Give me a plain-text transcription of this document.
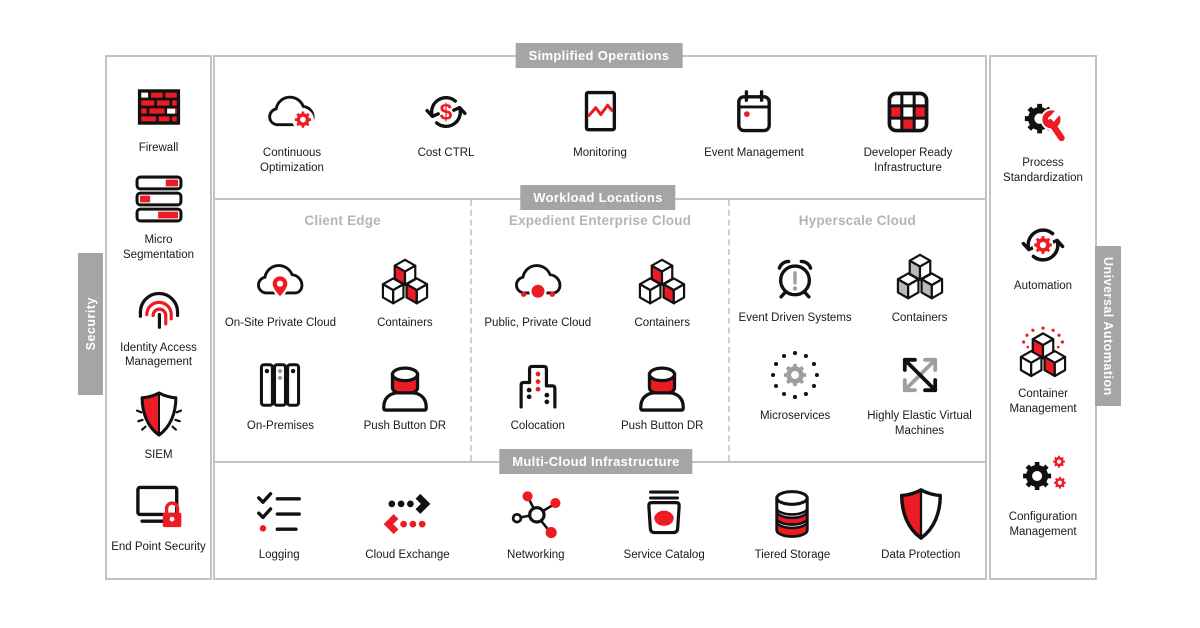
Simplified Operations
Workload Locations
Multi-Cloud Infrastructure
Security	Universal Automation
Firewall
Micro Segmentation
Identity Access Management
SIEM
End Point Security
Continuous Optimization
$
Cost CTRL	Monitoring	Event Management	Developer Ready Infrastructure
Client Edge
On-Site Private Cloud	Containers
On-Premises	Push Button DR
Expedient Enterprise Cloud
Public, Private Cloud	Containers
Colocation	Push Button DR
Hyperscale Cloud
Event Driven Systems	Containers
Microservices	Highly Elastic Virtual Machines
Logging	Cloud Exchange	Networking	Service Catalog	Tiered Storage	Data Protection
Process Standardization
Automation
Container Management
Configuration Management
